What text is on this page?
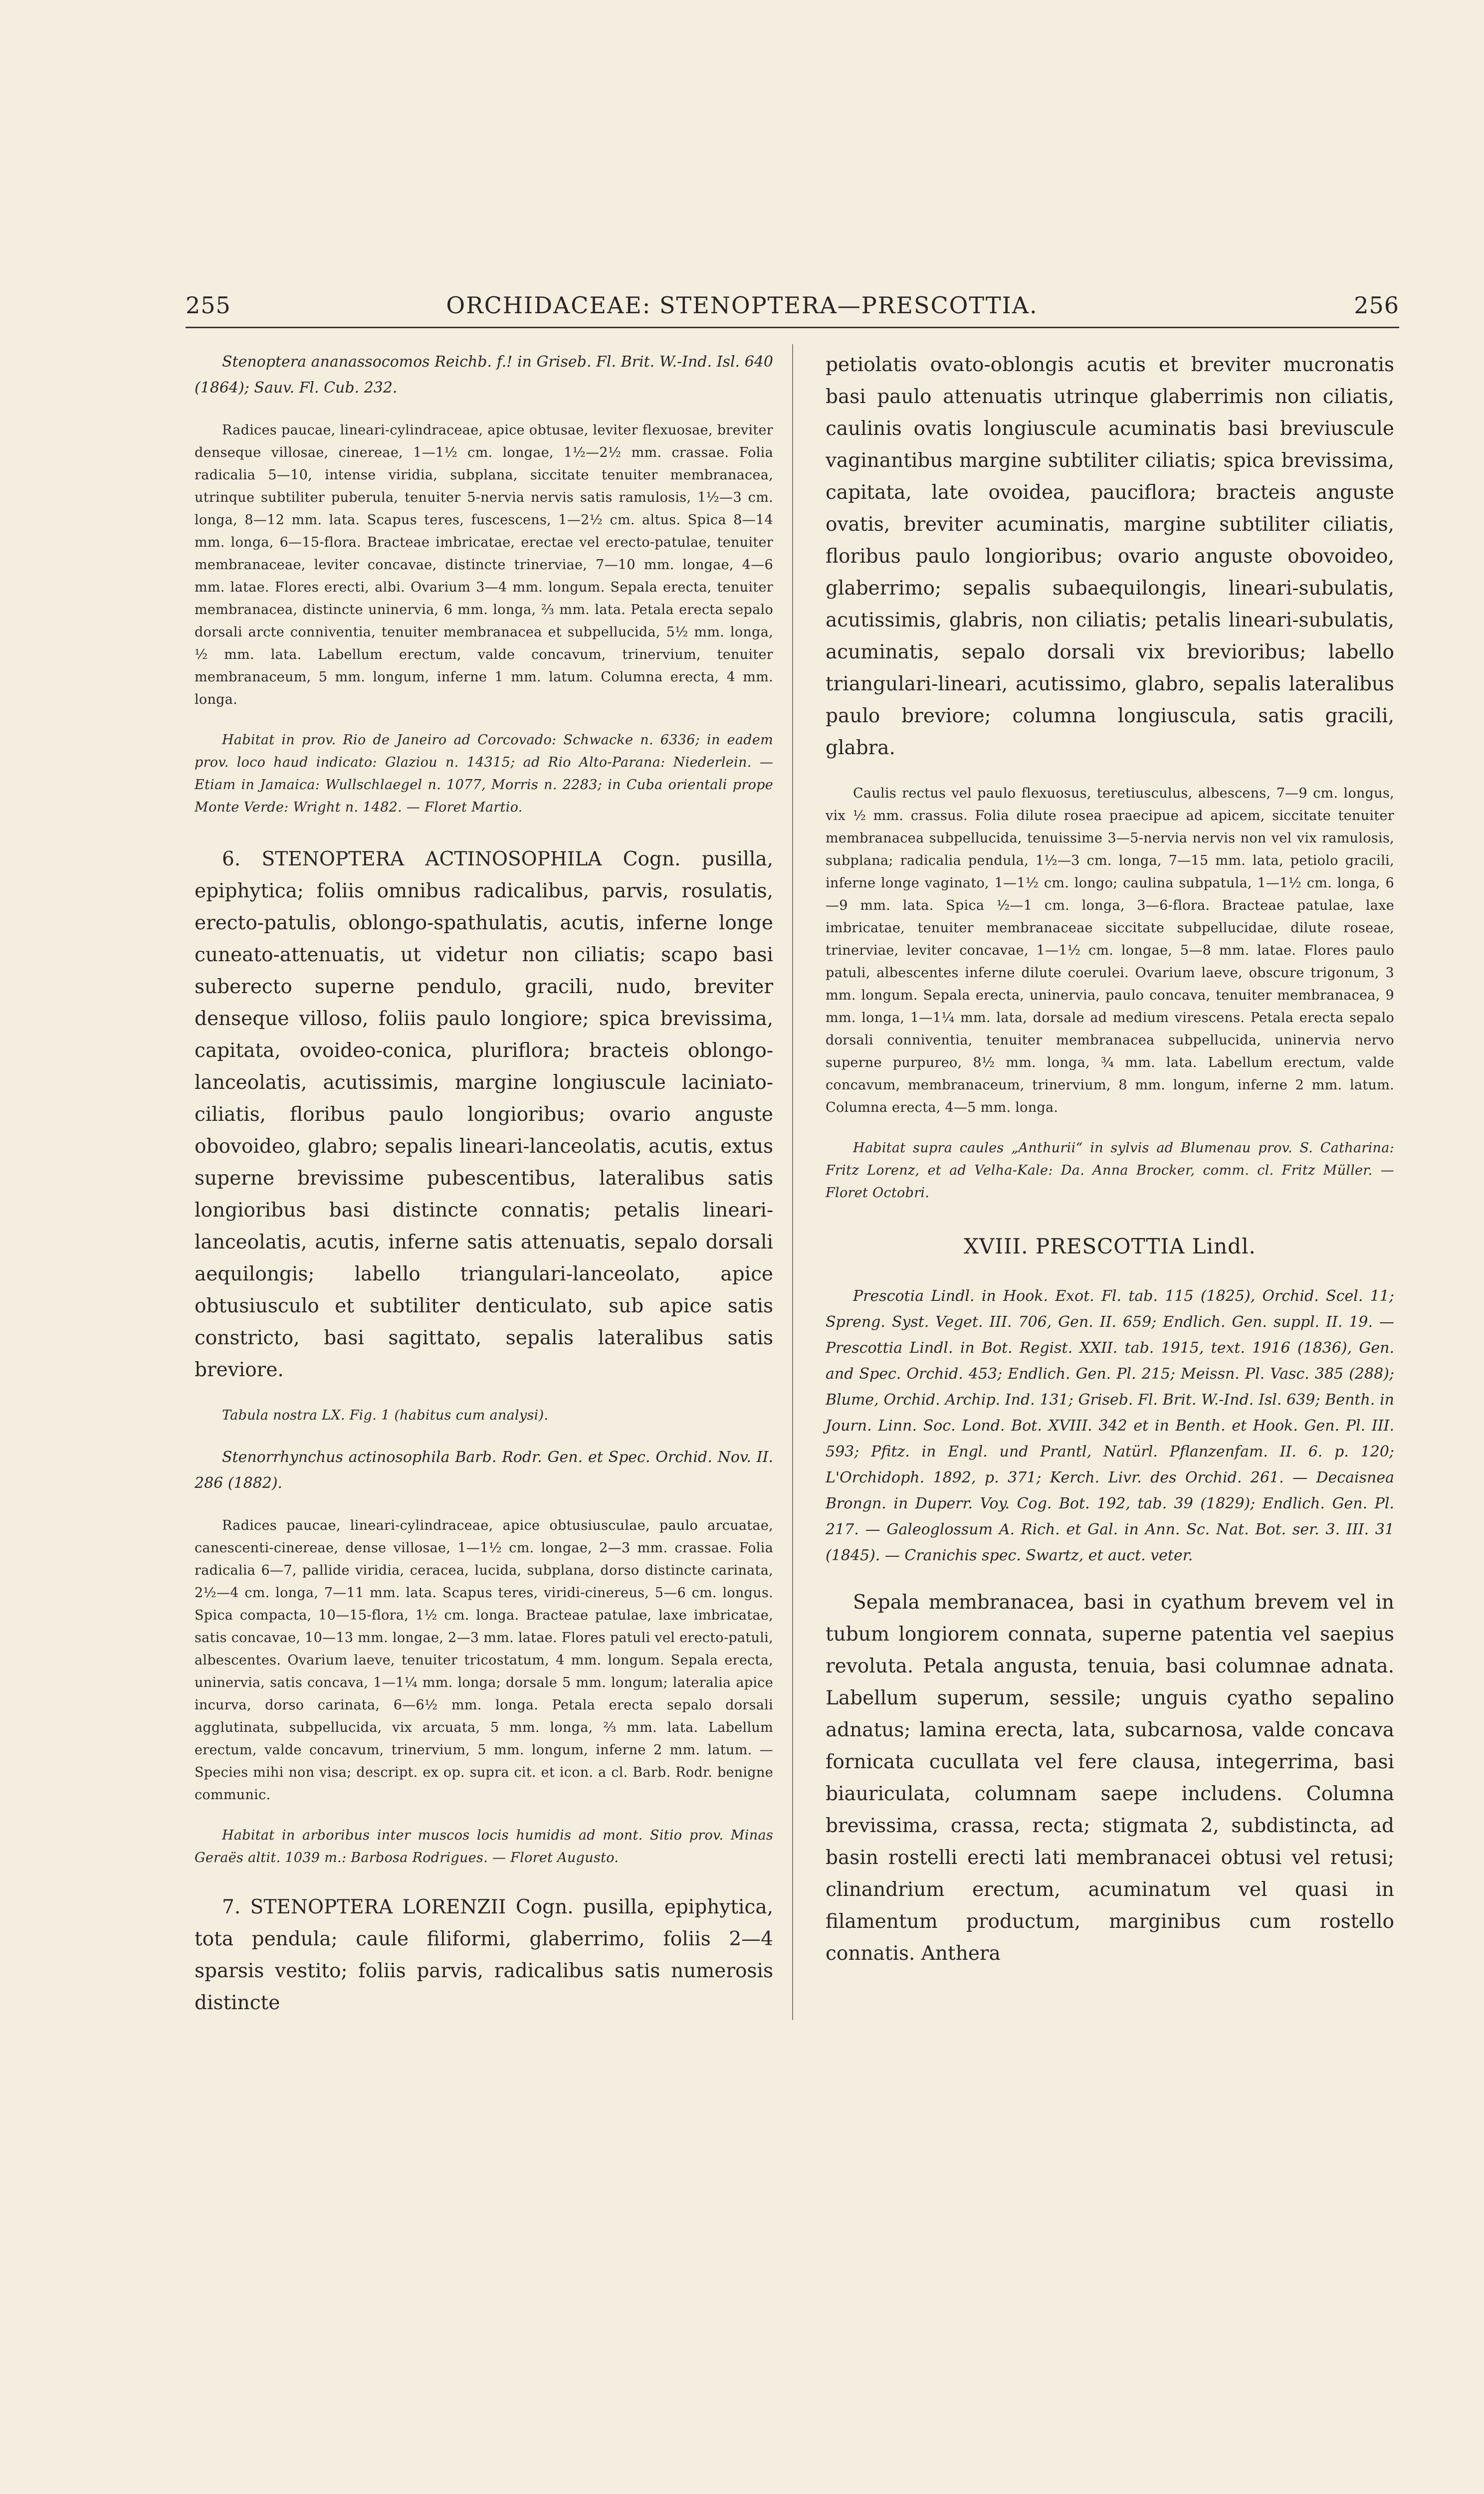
255	ORCHIDACEAE: STENOPTERA—PRESCOTTIA.	256

Stenoptera ananassocomos Reichb. f.! in Griseb. Fl. Brit. W.-Ind. Isl. 640 (1864); Sauv. Fl. Cub. 232.

Radices paucae, lineari-cylindraceae, apice obtusae, leviter flexuosae, breviter denseque villosae, cinereae, 1—1½ cm. longae, 1½—2½ mm. crassae. Folia radicalia 5—10, intense viridia, subplana, siccitate tenuiter membranacea, utrinque subtiliter puberula, tenuiter 5-nervia nervis satis ramulosis, 1½—3 cm. longa, 8—12 mm. lata. Scapus teres, fuscescens, 1—2½ cm. altus. Spica 8—14 mm. longa, 6—15-flora. Bracteae imbricatae, erectae vel erecto-patulae, tenuiter membranaceae, leviter concavae, distincte trinerviae, 7—10 mm. longae, 4—6 mm. latae. Flores erecti, albi. Ovarium 3—4 mm. longum. Sepala erecta, tenuiter membranacea, distincte uninervia, 6 mm. longa, ⅔ mm. lata. Petala erecta sepalo dorsali arcte conniventia, tenuiter membranacea et subpellucida, 5½ mm. longa, ½ mm. lata. Labellum erectum, valde concavum, trinervium, tenuiter membranaceum, 5 mm. longum, inferne 1 mm. latum. Columna erecta, 4 mm. longa.

Habitat in prov. Rio de Janeiro ad Corcovado: Schwacke n. 6336; in eadem prov. loco haud indicato: Glaziou n. 14315; ad Rio Alto-Parana: Niederlein. — Etiam in Jamaica: Wullschlaegel n. 1077, Morris n. 2283; in Cuba orientali prope Monte Verde: Wright n. 1482. — Floret Martio.

6. STENOPTERA ACTINOSOPHILA Cogn. pusilla, epiphytica; foliis omnibus radicalibus, parvis, rosulatis, erecto-patulis, oblongo-spathulatis, acutis, inferne longe cuneato-attenuatis, ut videtur non ciliatis; scapo basi suberecto superne pendulo, gracili, nudo, breviter denseque villoso, foliis paulo longiore; spica brevissima, capitata, ovoideo-conica, pluriflora; bracteis oblongo-lanceolatis, acutissimis, margine longiuscule laciniato-ciliatis, floribus paulo longioribus; ovario anguste obovoideo, glabro; sepalis lineari-lanceolatis, acutis, extus superne brevissime pubescentibus, lateralibus satis longioribus basi distincte connatis; petalis lineari-lanceolatis, acutis, inferne satis attenuatis, sepalo dorsali aequilongis; labello triangulari-lanceolato, apice obtusiusculo et subtiliter denticulato, sub apice satis constricto, basi sagittato, sepalis lateralibus satis breviore.

Tabula nostra LX. Fig. 1 (habitus cum analysi).

Stenorrhynchus actinosophila Barb. Rodr. Gen. et Spec. Orchid. Nov. II. 286 (1882).

Radices paucae, lineari-cylindraceae, apice obtusiusculae, paulo arcuatae, canescenti-cinereae, dense villosae, 1—1½ cm. longae, 2—3 mm. crassae. Folia radicalia 6—7, pallide viridia, ceracea, lucida, subplana, dorso distincte carinata, 2½—4 cm. longa, 7—11 mm. lata. Scapus teres, viridi-cinereus, 5—6 cm. longus. Spica compacta, 10—15-flora, 1½ cm. longa. Bracteae patulae, laxe imbricatae, satis concavae, 10—13 mm. longae, 2—3 mm. latae. Flores patuli vel erecto-patuli, albescentes. Ovarium laeve, tenuiter tricostatum, 4 mm. longum. Sepala erecta, uninervia, satis concava, 1—1¼ mm. longa; dorsale 5 mm. longum; lateralia apice incurva, dorso carinata, 6—6½ mm. longa. Petala erecta sepalo dorsali agglutinata, subpellucida, vix arcuata, 5 mm. longa, ⅔ mm. lata. Labellum erectum, valde concavum, trinervium, 5 mm. longum, inferne 2 mm. latum. — Species mihi non visa; descript. ex op. supra cit. et icon. a cl. Barb. Rodr. benigne communic.

Habitat in arboribus inter muscos locis humidis ad mont. Sitio prov. Minas Geraës altit. 1039 m.: Barbosa Rodrigues. — Floret Augusto.

7. STENOPTERA LORENZII Cogn. pusilla, epiphytica, tota pendula; caule filiformi, glaberrimo, foliis 2—4 sparsis vestito; foliis parvis, radicalibus satis numerosis distincte

petiolatis ovato-oblongis acutis et breviter mucronatis basi paulo attenuatis utrinque glaberrimis non ciliatis, caulinis ovatis longiuscule acuminatis basi breviuscule vaginantibus margine subtiliter ciliatis; spica brevissima, capitata, late ovoidea, pauciflora; bracteis anguste ovatis, breviter acuminatis, margine subtiliter ciliatis, floribus paulo longioribus; ovario anguste obovoideo, glaberrimo; sepalis subaequilongis, lineari-subulatis, acutissimis, glabris, non ciliatis; petalis lineari-subulatis, acuminatis, sepalo dorsali vix brevioribus; labello triangulari-lineari, acutissimo, glabro, sepalis lateralibus paulo breviore; columna longiuscula, satis gracili, glabra.

Caulis rectus vel paulo flexuosus, teretiusculus, albescens, 7—9 cm. longus, vix ½ mm. crassus. Folia dilute rosea praecipue ad apicem, siccitate tenuiter membranacea subpellucida, tenuissime 3—5-nervia nervis non vel vix ramulosis, subplana; radicalia pendula, 1½—3 cm. longa, 7—15 mm. lata, petiolo gracili, inferne longe vaginato, 1—1½ cm. longo; caulina subpatula, 1—1½ cm. longa, 6—9 mm. lata. Spica ½—1 cm. longa, 3—6-flora. Bracteae patulae, laxe imbricatae, tenuiter membranaceae siccitate subpellucidae, dilute roseae, trinerviae, leviter concavae, 1—1½ cm. longae, 5—8 mm. latae. Flores paulo patuli, albescentes inferne dilute coerulei. Ovarium laeve, obscure trigonum, 3 mm. longum. Sepala erecta, uninervia, paulo concava, tenuiter membranacea, 9 mm. longa, 1—1¼ mm. lata, dorsale ad medium virescens. Petala erecta sepalo dorsali conniventia, tenuiter membranacea subpellucida, uninervia nervo superne purpureo, 8½ mm. longa, ¾ mm. lata. Labellum erectum, valde concavum, membranaceum, trinervium, 8 mm. longum, inferne 2 mm. latum. Columna erecta, 4—5 mm. longa.

Habitat supra caules „Anthurii“ in sylvis ad Blumenau prov. S. Catharina: Fritz Lorenz, et ad Velha-Kale: Da. Anna Brocker, comm. cl. Fritz Müller. — Floret Octobri.

XVIII. PRESCOTTIA Lindl.

Prescotia Lindl. in Hook. Exot. Fl. tab. 115 (1825), Orchid. Scel. 11; Spreng. Syst. Veget. III. 706, Gen. II. 659; Endlich. Gen. suppl. II. 19. — Prescottia Lindl. in Bot. Regist. XXII. tab. 1915, text. 1916 (1836), Gen. and Spec. Orchid. 453; Endlich. Gen. Pl. 215; Meissn. Pl. Vasc. 385 (288); Blume, Orchid. Archip. Ind. 131; Griseb. Fl. Brit. W.-Ind. Isl. 639; Benth. in Journ. Linn. Soc. Lond. Bot. XVIII. 342 et in Benth. et Hook. Gen. Pl. III. 593; Pfitz. in Engl. und Prantl, Natürl. Pflanzenfam. II. 6. p. 120; L'Orchidoph. 1892, p. 371; Kerch. Livr. des Orchid. 261. — Decaisnea Brongn. in Duperr. Voy. Cog. Bot. 192, tab. 39 (1829); Endlich. Gen. Pl. 217. — Galeoglossum A. Rich. et Gal. in Ann. Sc. Nat. Bot. ser. 3. III. 31 (1845). — Cranichis spec. Swartz, et auct. veter.

Sepala membranacea, basi in cyathum brevem vel in tubum longiorem connata, superne patentia vel saepius revoluta. Petala angusta, tenuia, basi columnae adnata. Labellum superum, sessile; unguis cyatho sepalino adnatus; lamina erecta, lata, subcarnosa, valde concava fornicata cucullata vel fere clausa, integerrima, basi biauriculata, columnam saepe includens. Columna brevissima, crassa, recta; stigmata 2, subdistincta, ad basin rostelli erecti lati membranacei obtusi vel retusi; clinandrium erectum, acuminatum vel quasi in filamentum productum, marginibus cum rostello connatis. Anthera
